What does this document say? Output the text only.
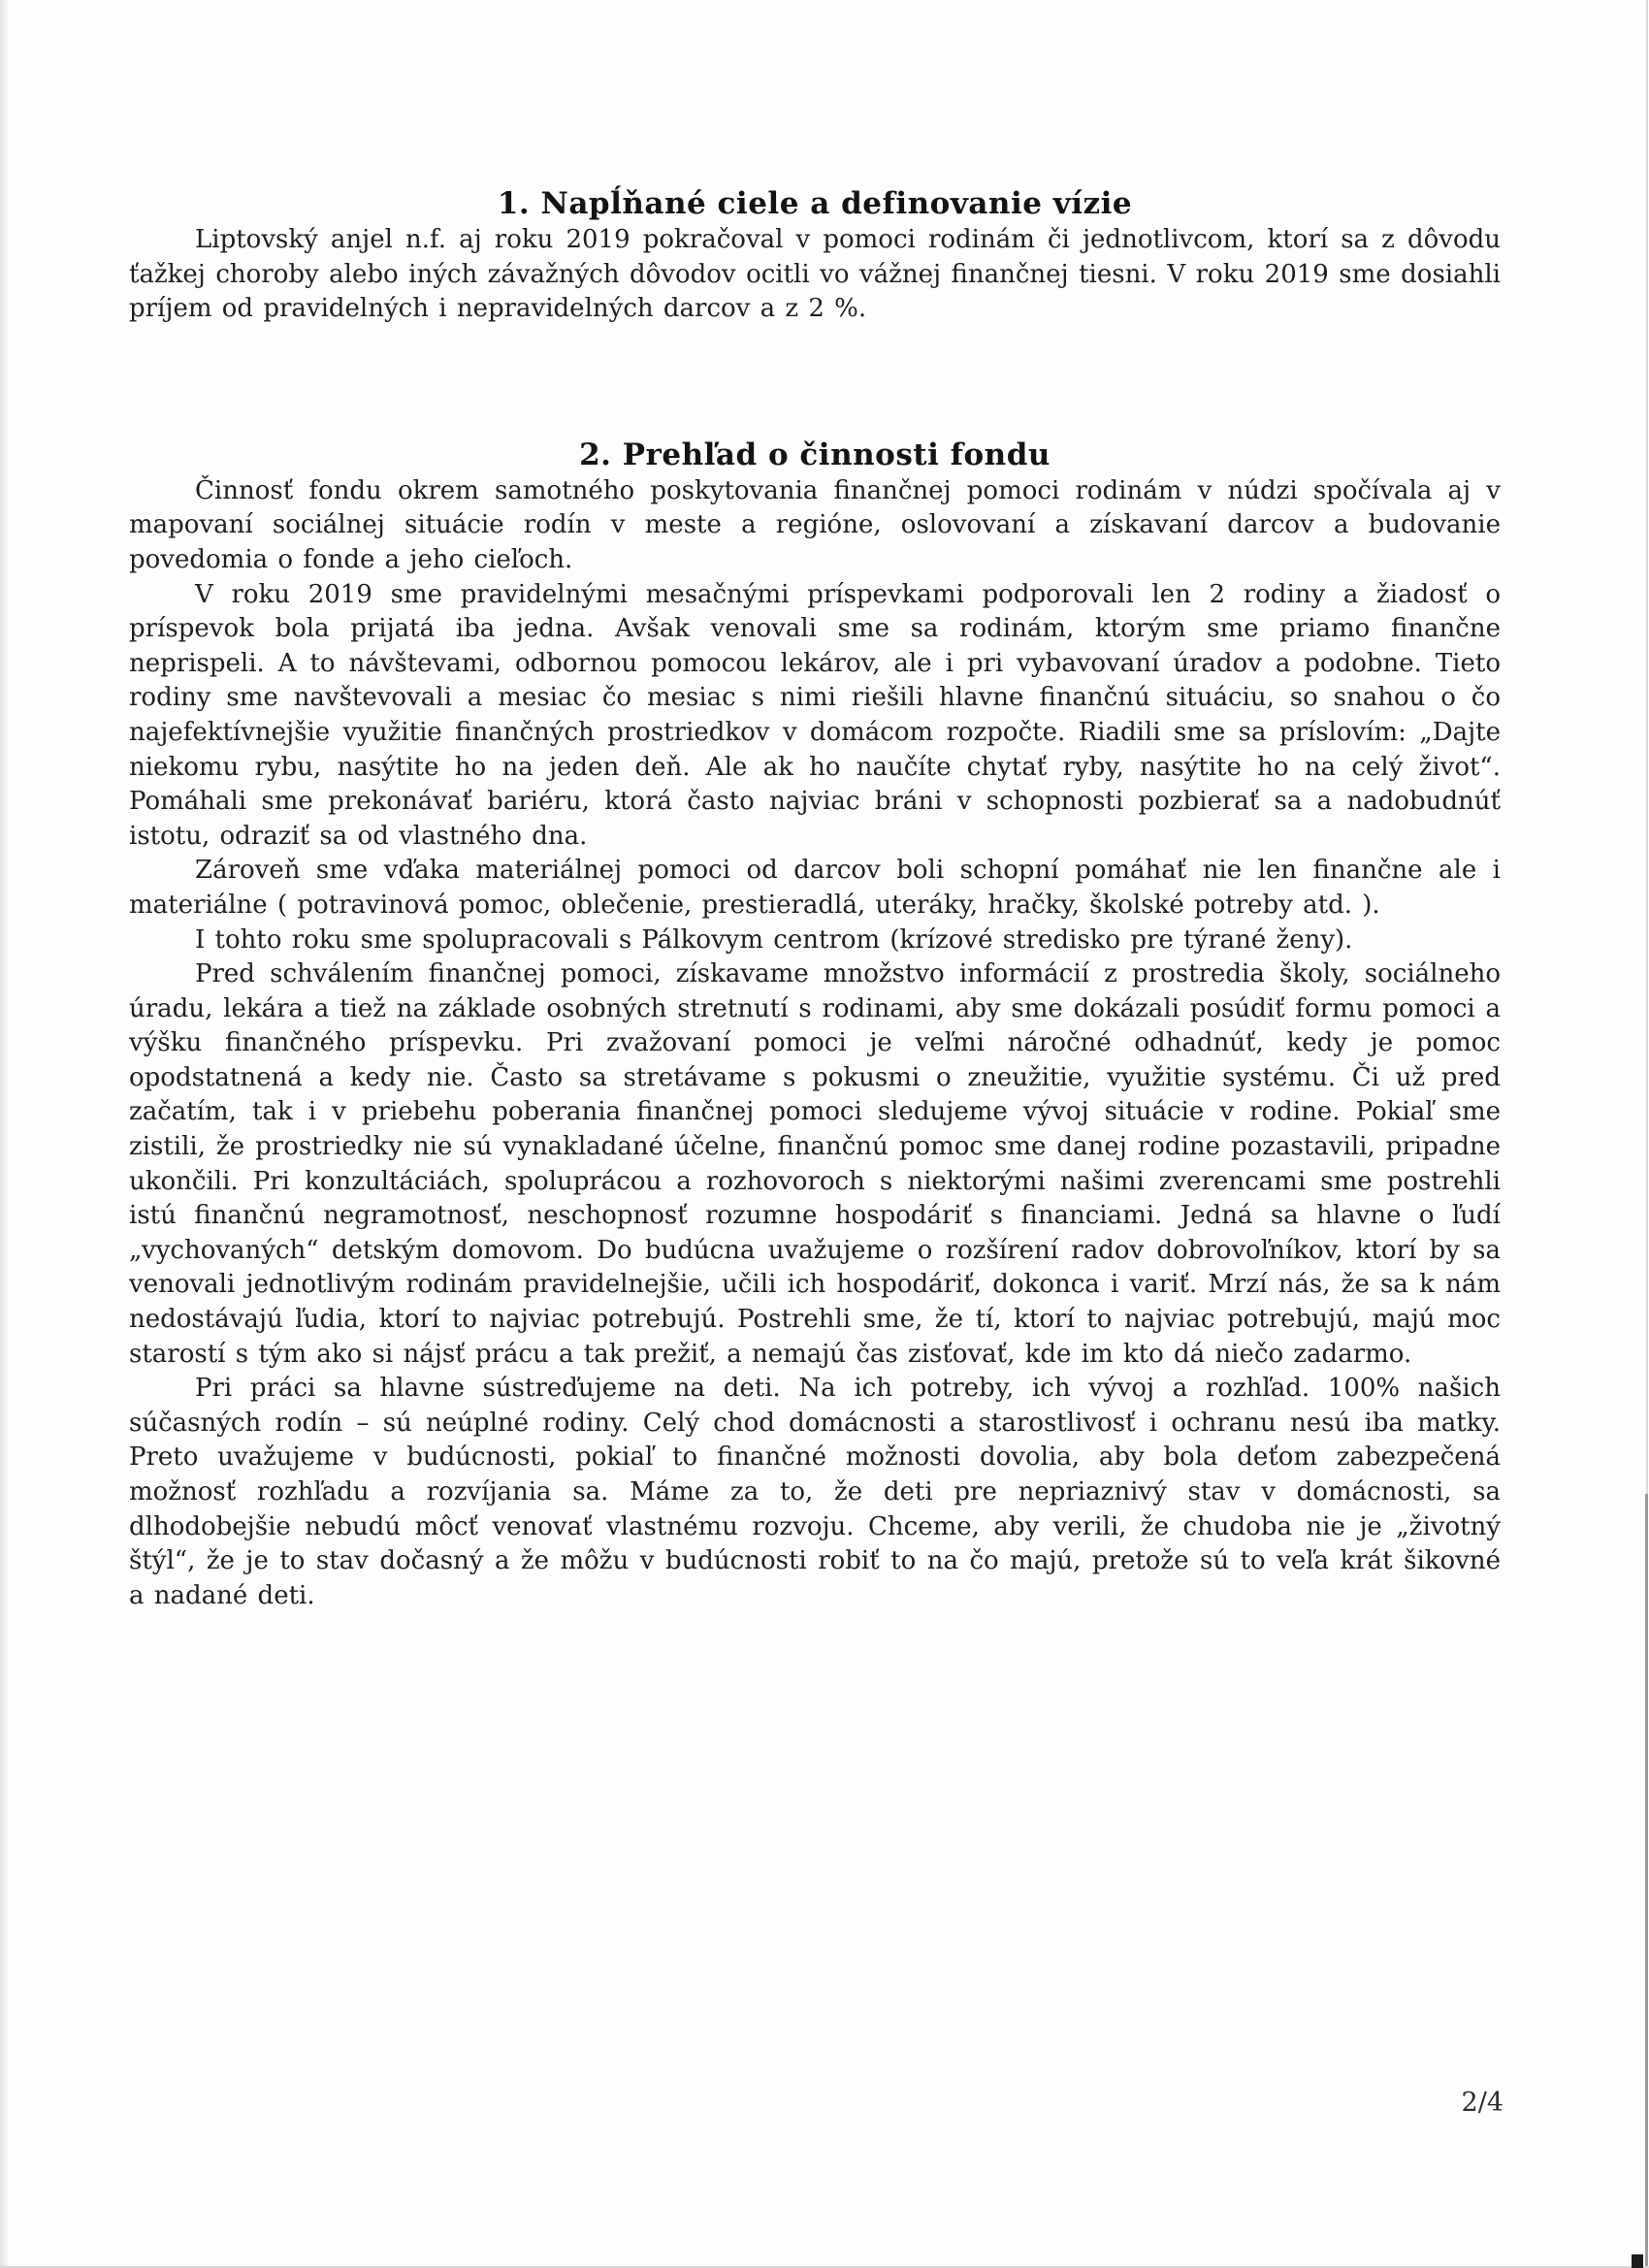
1. Napĺňané ciele a definovanie vízie

Liptovský anjel n.f. aj roku 2019 pokračoval v pomoci rodinám či jednotlivcom, ktorí sa z dôvodu ťažkej choroby alebo iných závažných dôvodov ocitli vo vážnej finančnej tiesni. V roku 2019 sme dosiahli príjem od pravidelných i nepravidelných darcov a z 2 %.

2. Prehľad o činnosti fondu

Činnosť fondu okrem samotného poskytovania finančnej pomoci rodinám v núdzi spočívala aj v mapovaní sociálnej situácie rodín v meste a regióne, oslovovaní a získavaní darcov a budovanie povedomia o fonde a jeho cieľoch.

V roku 2019 sme pravidelnými mesačnými príspevkami podporovali len 2 rodiny a žiadosť o príspevok bola prijatá iba jedna. Avšak venovali sme sa rodinám, ktorým sme priamo finančne neprispeli. A to návštevami, odbornou pomocou lekárov, ale i pri vybavovaní úradov a podobne. Tieto rodiny sme navštevovali a mesiac čo mesiac s nimi riešili hlavne finančnú situáciu, so snahou o čo najefektívnejšie využitie finančných prostriedkov v domácom rozpočte. Riadili sme sa príslovím: „Dajte niekomu rybu, nasýtite ho na jeden deň. Ale ak ho naučíte chytať ryby, nasýtite ho na celý život“. Pomáhali sme prekonávať bariéru, ktorá často najviac bráni v schopnosti pozbierať sa a nadobudnúť istotu, odraziť sa od vlastného dna.

Zároveň sme vďaka materiálnej pomoci od darcov boli schopní pomáhať nie len finančne ale i materiálne ( potravinová pomoc, oblečenie, prestieradlá, uteráky, hračky, školské potreby atd. ).

I tohto roku sme spolupracovali s Pálkovym centrom (krízové stredisko pre týrané ženy).

Pred schválením finančnej pomoci, získavame množstvo informácií z prostredia školy, sociálneho úradu, lekára a tiež na základe osobných stretnutí s rodinami, aby sme dokázali posúdiť formu pomoci a výšku finančného príspevku. Pri zvažovaní pomoci je veľmi náročné odhadnúť, kedy je pomoc opodstatnená a kedy nie. Často sa stretávame s pokusmi o zneužitie, využitie systému. Či už pred začatím, tak i v priebehu poberania finančnej pomoci sledujeme vývoj situácie v rodine. Pokiaľ sme zistili, že prostriedky nie sú vynakladané účelne, finančnú pomoc sme danej rodine pozastavili, pripadne ukončili. Pri konzultáciách, spoluprácou a rozhovoroch s niektorými našimi zverencami sme postrehli istú finančnú negramotnosť, neschopnosť rozumne hospodáriť s financiami. Jedná sa hlavne o ľudí „vychovaných“ detským domovom. Do budúcna uvažujeme o rozšírení radov dobrovoľníkov, ktorí by sa venovali jednotlivým rodinám pravidelnejšie, učili ich hospodáriť, dokonca i variť. Mrzí nás, že sa k nám nedostávajú ľudia, ktorí to najviac potrebujú. Postrehli sme, že tí, ktorí to najviac potrebujú, majú moc starostí s tým ako si nájsť prácu a tak prežiť, a nemajú čas zisťovať, kde im kto dá niečo zadarmo.

Pri práci sa hlavne sústreďujeme na deti. Na ich potreby, ich vývoj a rozhľad. 100% našich súčasných rodín – sú neúplné rodiny. Celý chod domácnosti a starostlivosť i ochranu nesú iba matky. Preto uvažujeme v budúcnosti, pokiaľ to finančné možnosti dovolia, aby bola deťom zabezpečená možnosť rozhľadu a rozvíjania sa. Máme za to, že deti pre nepriaznivý stav v domácnosti, sa dlhodobejšie nebudú môcť venovať vlastnému rozvoju. Chceme, aby verili, že chudoba nie je „životný štýl“, že je to stav dočasný a že môžu v budúcnosti robiť to na čo majú, pretože sú to veľa krát šikovné a nadané deti.

2/4
